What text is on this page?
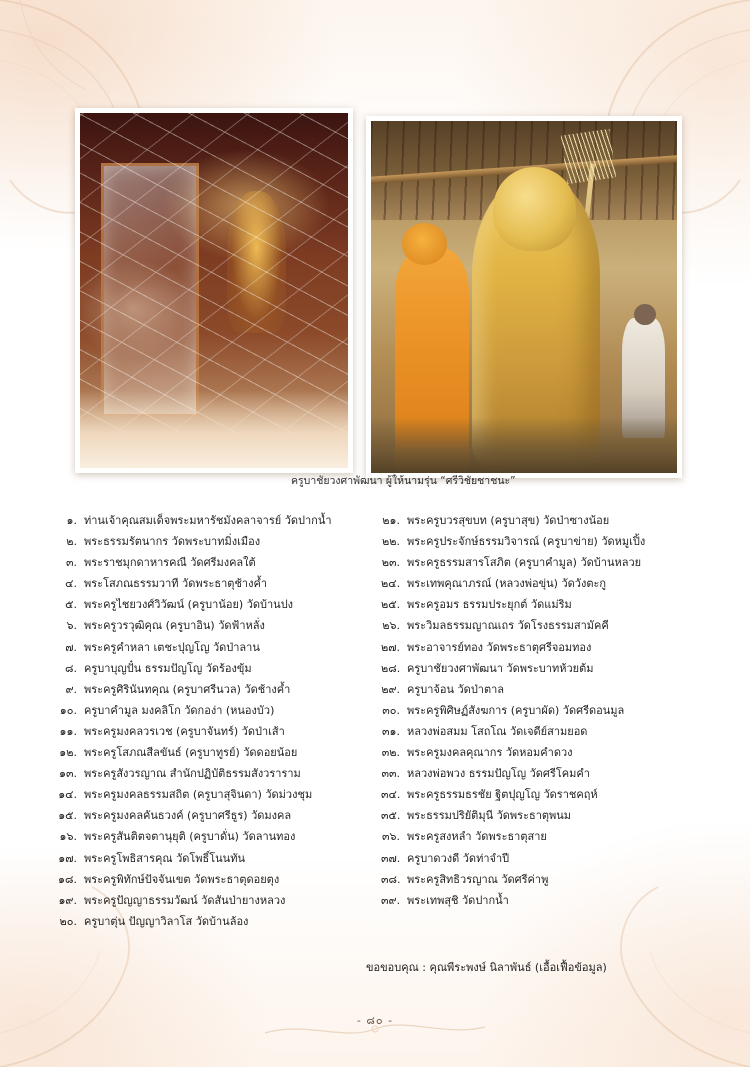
ครูบาชัยวงศาพัฒนา ผู้ให้นามรุ่น “ศรีวิชัยชาชนะ”
๑. ท่านเจ้าคุณสมเด็จพระมหารัชมังคลาจารย์ วัดปากน้ำ
๒. พระธรรมรัตนากร วัดพระบาทมิ่งเมือง
๓. พระราชมุกดาหารคณี วัดศรีมงคลใต้
๔. พระโสภณธรรมวาที วัดพระธาตุช้างค้ำ
๕. พระครูไชยวงศ์วิวัฒน์ (ครูบาน้อย) วัดบ้านปง
๖. พระครูวรวุฒิคุณ (ครูบาอิน) วัดฟ้าหลั่ง
๗. พระครูคำหลา เตชะปุญโญ วัดป่าลาน
๘. ครูบาบุญปั๋น ธรรมปัญโญ วัดร้องขุ้ม
๙. พระครูศิรินันทคุณ (ครูบาศรีนวล) วัดช้างค้ำ
๑๐. ครูบาคำมูล มงคลิโก วัดกอง่า (หนองบัว)
๑๑. พระครูมงคลวรเวช (ครูบาจันทร์) วัดป่าเส้า
๑๒. พระครูโสภณสีลขันธ์ (ครูบาทูรย์) วัดดอยน้อย
๑๓. พระครูสังวรญาณ สำนักปฏิบัติธรรมสังวราราม
๑๔. พระครูมงคลธรรมสถิต (ครูบาสุจินดา) วัดม่วงชุม
๑๕. พระครูมงคลคันธวงค์ (ครูบาศรีธูร) วัดมงคล
๑๖. พระครูสันติตจตานุยุติ (ครูบาดั่น) วัดลานทอง
๑๗. พระครูโพธิสารคุณ วัดโพธิ์โนนทัน
๑๘. พระครูพิทักษ์ปัจจันเขต วัดพระธาตุดอยตุง
๑๙. พระครูปัญญาธรรมวัฒน์ วัดสันป่ายางหลวง
๒๐. ครูบาตุ่น ปัญญาวิลาโส วัดบ้านล้อง
๒๑. พระครูบวรสุขบท (ครูบาสุข) วัดป่าซางน้อย
๒๒. พระครูประจักษ์ธรรมวิจารณ์ (ครูบาข่าย) วัดหมูเปิ้ง
๒๓. พระครูธรรมสารโสภิต (ครูบาคำมูล) วัดบ้านหลวย
๒๔. พระเทพคุณาภรณ์ (หลวงพ่อขุ่น) วัดวังตะกู
๒๕. พระครูอมร ธรรมประยุกต์ วัดแม่ริม
๒๖. พระวิมลธรรมญาณเถร วัดโรงธรรมสามัคคี
๒๗. พระอาจารย์ทอง วัดพระธาตุศรีจอมทอง
๒๘. ครูบาชัยวงศาพัฒนา วัดพระบาทห้วยต้ม
๒๙. ครูบาจ้อน วัดป่าตาล
๓๐. พระครูพิศิษฏ์สังฆการ (ครูบาผัด) วัดศรีดอนมูล
๓๑. หลวงพ่อสมม โสถโณ วัดเจดีย์สามยอด
๓๒. พระครูมงคลคุณากร วัดหอมคำดวง
๓๓. หลวงพ่อพวง ธรรมปัญโญ วัดศรีโคมคำ
๓๔. พระครูธรรมธรชัย ฐิตปุญโญ วัดราชคฤห์
๓๕. พระธรรมปริยัติมุนี วัดพระธาตุพนม
๓๖. พระครูสงหลำ วัดพระธาตุสาย
๓๗. ครูบาดวงดี วัดท่าจำปี
๓๘. พระครูสิทธิวรญาณ วัดศรีค่าพู
๓๙. พระเทพสุชิ วัดปากน้ำ
ขอขอบคุณ : คุณพีระพงษ์ นิลาพันธ์ (เอื้อเฟื้อข้อมูล)
- ๘๐ -
